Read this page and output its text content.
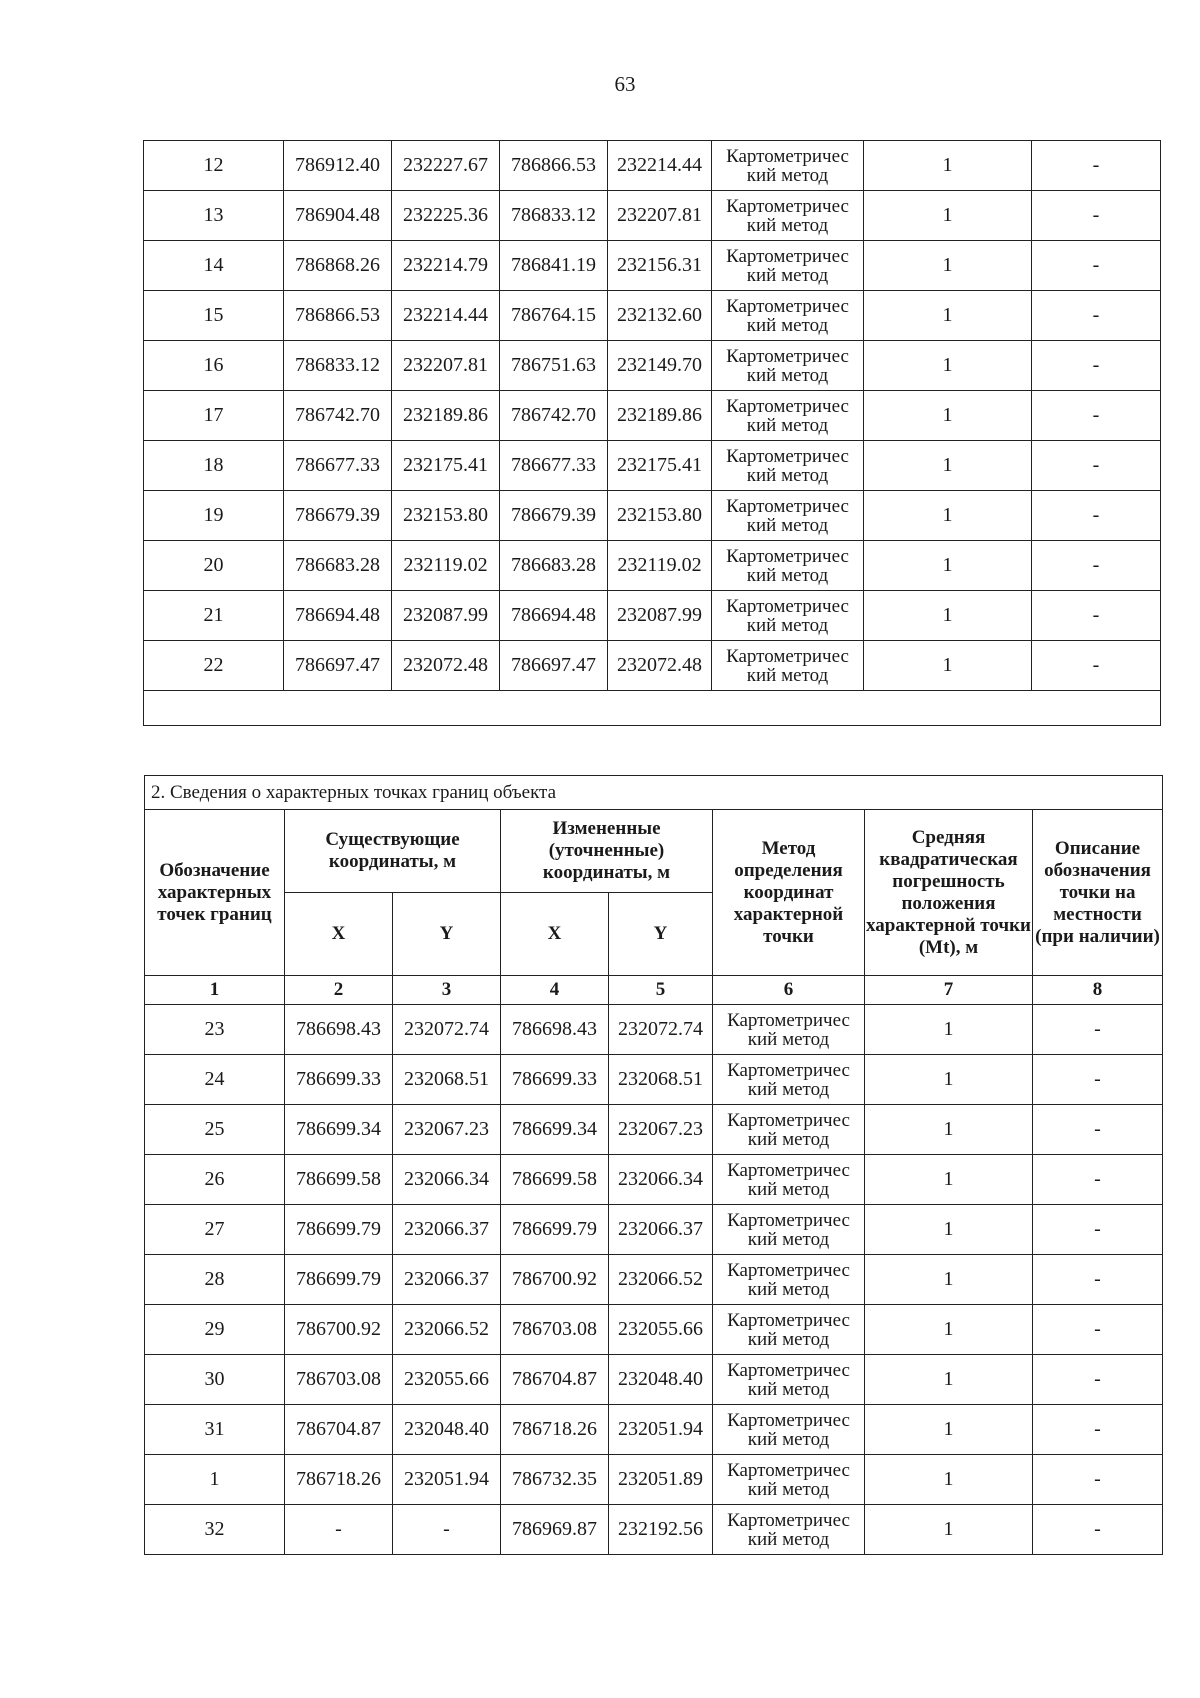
63
12	786912.40	232227.67	786866.53	232214.44	Картометричес
кий метод	1	-
13	786904.48	232225.36	786833.12	232207.81	Картометричес
кий метод	1	-
14	786868.26	232214.79	786841.19	232156.31	Картометричес
кий метод	1	-
15	786866.53	232214.44	786764.15	232132.60	Картометричес
кий метод	1	-
16	786833.12	232207.81	786751.63	232149.70	Картометричес
кий метод	1	-
17	786742.70	232189.86	786742.70	232189.86	Картометричес
кий метод	1	-
18	786677.33	232175.41	786677.33	232175.41	Картометричес
кий метод	1	-
19	786679.39	232153.80	786679.39	232153.80	Картометричес
кий метод	1	-
20	786683.28	232119.02	786683.28	232119.02	Картометричес
кий метод	1	-
21	786694.48	232087.99	786694.48	232087.99	Картометричес
кий метод	1	-
22	786697.47	232072.48	786697.47	232072.48	Картометричес
кий метод	1	-

2. Сведения о характерных точках границ объекта							
Обозначение характерных точек границ	Существующие координаты, м		Измененные (уточненные) координаты, м		Метод определения координат характерной точки	Средняя квадратическая погрешность положения характерной точки (Mt), м	Описание обозначения точки на местности (при наличии)
	X	Y	X	Y			
1	2	3	4	5	6	7	8
23	786698.43	232072.74	786698.43	232072.74	Картометричес
кий метод	1	-
24	786699.33	232068.51	786699.33	232068.51	Картометричес
кий метод	1	-
25	786699.34	232067.23	786699.34	232067.23	Картометричес
кий метод	1	-
26	786699.58	232066.34	786699.58	232066.34	Картометричес
кий метод	1	-
27	786699.79	232066.37	786699.79	232066.37	Картометричес
кий метод	1	-
28	786699.79	232066.37	786700.92	232066.52	Картометричес
кий метод	1	-
29	786700.92	232066.52	786703.08	232055.66	Картометричес
кий метод	1	-
30	786703.08	232055.66	786704.87	232048.40	Картометричес
кий метод	1	-
31	786704.87	232048.40	786718.26	232051.94	Картометричес
кий метод	1	-
1	786718.26	232051.94	786732.35	232051.89	Картометричес
кий метод	1	-
32	-	-	786969.87	232192.56	Картометричес
кий метод	1	-
